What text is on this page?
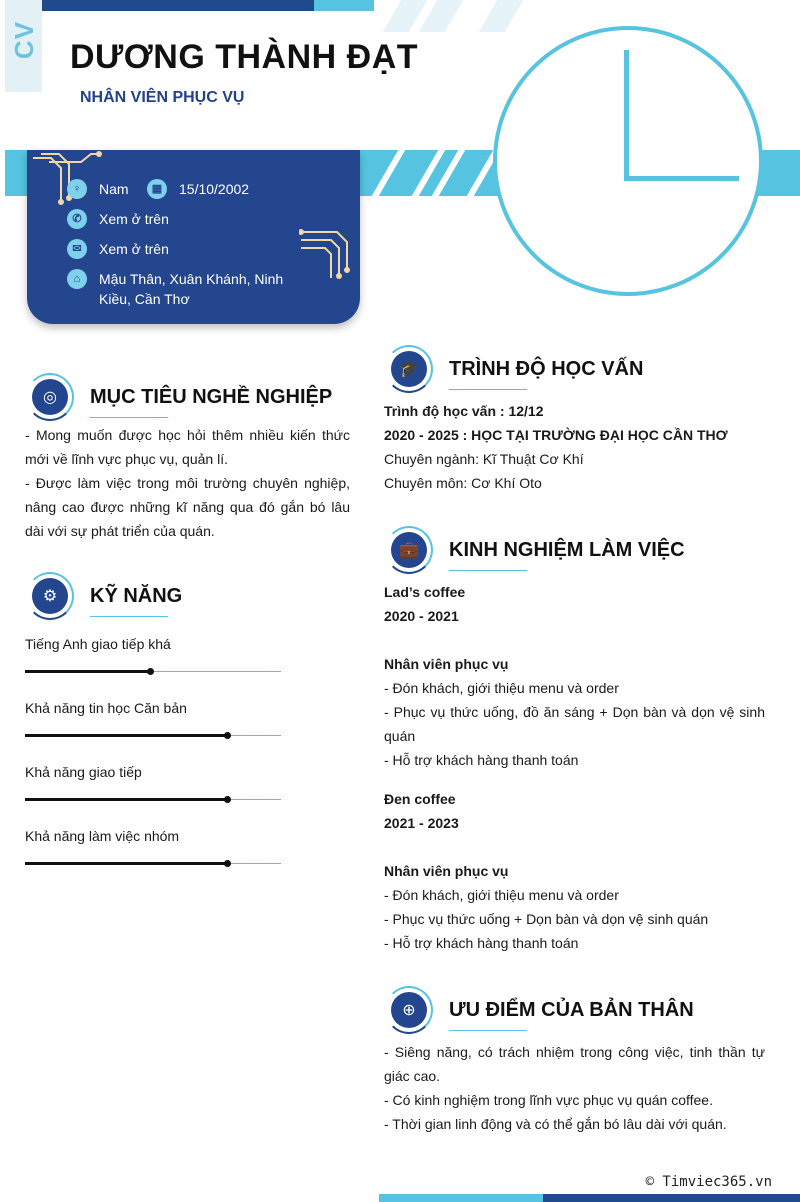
CV DƯƠNG THÀNH ĐẠT
NHÂN VIÊN PHỤC VỤ
♀	Nam	▦	15/10/2002
✆	Xem ở trên
✉	Xem ở trên
⌂	Mậu Thân, Xuân Khánh, Ninh
Kiều, Cần Thơ
◎	MỤC TIÊU NGHỀ NGHIỆP

- Mong muốn được học hỏi thêm nhiều kiến thức mới về lĩnh vực phục vụ, quản lí.

- Được làm việc trong môi trường chuyên nghiệp, nâng cao được những kĩ năng qua đó gắn bó lâu dài với sự phát triển của quán.

⚙	KỸ NĂNG
Tiếng Anh giao tiếp khá
Khả năng tin học Căn bản
Khả năng giao tiếp
Khả năng làm việc nhóm
🎓	TRÌNH ĐỘ HỌC VẤN

Trình độ học vấn : 12/12

2020 - 2025 : HỌC TẠI TRƯỜNG ĐẠI HỌC CẦN THƠ

Chuyên ngành: Kĩ Thuật Cơ Khí

Chuyên môn: Cơ Khí Oto

💼	KINH NGHIỆM LÀM VIỆC

Lad’s coffee

2020 - 2021

Nhân viên phục vụ

- Đón khách, giới thiệu menu và order

- Phục vụ thức uống, đồ ăn sáng + Dọn bàn và dọn vệ sinh quán

- Hỗ trợ khách hàng thanh toán

Đen coffee

2021 - 2023

Nhân viên phục vụ

- Đón khách, giới thiệu menu và order

- Phục vụ thức uống + Dọn bàn và dọn vệ sinh quán

- Hỗ trợ khách hàng thanh toán

⊕	ƯU ĐIỂM CỦA BẢN THÂN

- Siêng năng, có trách nhiệm trong công việc, tinh thần tự giác cao.

- Có kinh nghiệm trong lĩnh vực phục vụ quán coffee.

- Thời gian linh động và có thể gắn bó lâu dài với quán.

© Timviec365.vn
